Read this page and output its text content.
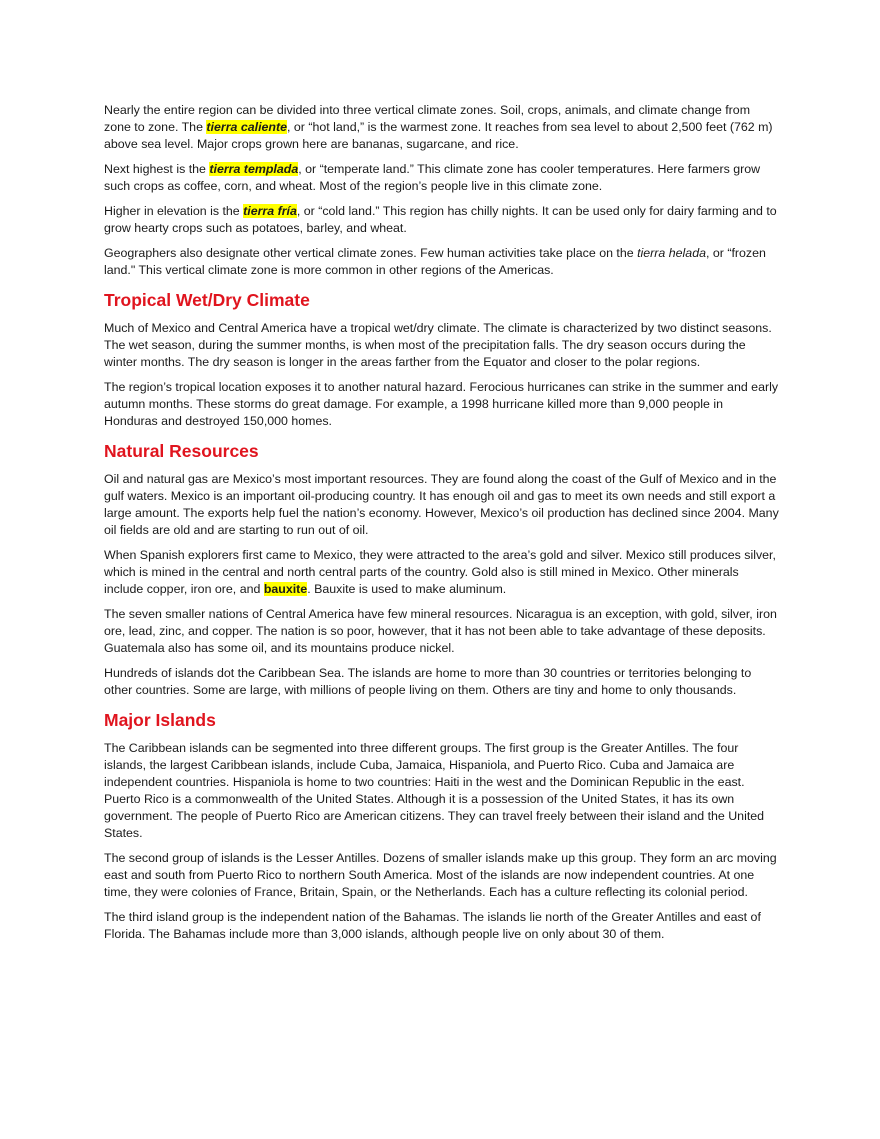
Nearly the entire region can be divided into three vertical climate zones. Soil, crops, animals, and climate change from zone to zone. The tierra caliente, or “hot land,” is the warmest zone. It reaches from sea level to about 2,500 feet (762 m) above sea level. Major crops grown here are bananas, sugarcane, and rice.

Next highest is the tierra templada, or “temperate land.” This climate zone has cooler temperatures. Here farmers grow such crops as coffee, corn, and wheat. Most of the region’s people live in this climate zone.

Higher in elevation is the tierra fría, or “cold land.” This region has chilly nights. It can be used only for dairy farming and to grow hearty crops such as potatoes, barley, and wheat.

Geographers also designate other vertical climate zones. Few human activities take place on the tierra helada, or “frozen land." This vertical climate zone is more common in other regions of the Americas.

Tropical Wet/Dry Climate

Much of Mexico and Central America have a tropical wet/dry climate. The climate is characterized by two distinct seasons. The wet season, during the summer months, is when most of the precipitation falls. The dry season occurs during the winter months. The dry season is longer in the areas farther from the Equator and closer to the polar regions.

The region’s tropical location exposes it to another natural hazard. Ferocious hurricanes can strike in the summer and early autumn months. These storms do great damage. For example, a 1998 hurricane killed more than 9,000 people in Honduras and destroyed 150,000 homes.

Natural Resources

Oil and natural gas are Mexico’s most important resources. They are found along the coast of the Gulf of Mexico and in the gulf waters. Mexico is an important oil-producing country. It has enough oil and gas to meet its own needs and still export a large amount. The exports help fuel the nation’s economy. However, Mexico’s oil production has declined since 2004. Many oil fields are old and are starting to run out of oil.

When Spanish explorers first came to Mexico, they were attracted to the area’s gold and silver. Mexico still produces silver, which is mined in the central and north central parts of the country. Gold also is still mined in Mexico. Other minerals include copper, iron ore, and bauxite. Bauxite is used to make aluminum.

The seven smaller nations of Central America have few mineral resources. Nicaragua is an exception, with gold, silver, iron ore, lead, zinc, and copper. The nation is so poor, however, that it has not been able to take advantage of these deposits. Guatemala also has some oil, and its mountains produce nickel.

Hundreds of islands dot the Caribbean Sea. The islands are home to more than 30 countries or territories belonging to other countries. Some are large, with millions of people living on them. Others are tiny and home to only thousands.

Major Islands

The Caribbean islands can be segmented into three different groups. The first group is the Greater Antilles. The four islands, the largest Caribbean islands, include Cuba, Jamaica, Hispaniola, and Puerto Rico. Cuba and Jamaica are independent countries. Hispaniola is home to two countries: Haiti in the west and the Dominican Republic in the east. Puerto Rico is a commonwealth of the United States. Although it is a possession of the United States, it has its own government. The people of Puerto Rico are American citizens. They can travel freely between their island and the United States.

The second group of islands is the Lesser Antilles. Dozens of smaller islands make up this group. They form an arc moving east and south from Puerto Rico to northern South America. Most of the islands are now independent countries. At one time, they were colonies of France, Britain, Spain, or the Netherlands. Each has a culture reflecting its colonial period.

The third island group is the independent nation of the Bahamas. The islands lie north of the Greater Antilles and east of Florida. The Bahamas include more than 3,000 islands, although people live on only about 30 of them.
